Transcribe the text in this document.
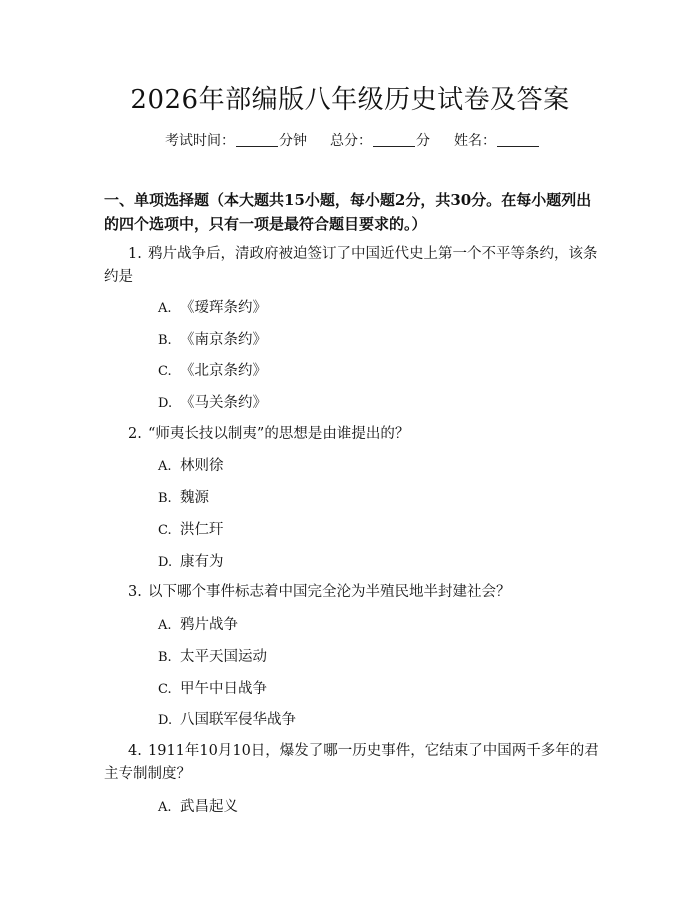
2026年部编版八年级历史试卷及答案
考试时间：	分钟 总分：	分 姓名：
一、单项选择题（本大题共15小题，每小题2分，共30分。在每小题列出的四个选项中，只有一项是最符合题目要求的。）
1. 鸦片战争后，清政府被迫签订了中国近代史上第一个不平等条约，该条约是
A. 《瑷珲条约》
B. 《南京条约》
C. 《北京条约》
D. 《马关条约》
2. “师夷长技以制夷”的思想是由谁提出的？
A. 林则徐
B. 魏源
C. 洪仁玕
D. 康有为
3. 以下哪个事件标志着中国完全沦为半殖民地半封建社会？
A. 鸦片战争
B. 太平天国运动
C. 甲午中日战争
D. 八国联军侵华战争
4. 1911年10月10日，爆发了哪一历史事件，它结束了中国两千多年的君主专制制度？
A. 武昌起义
